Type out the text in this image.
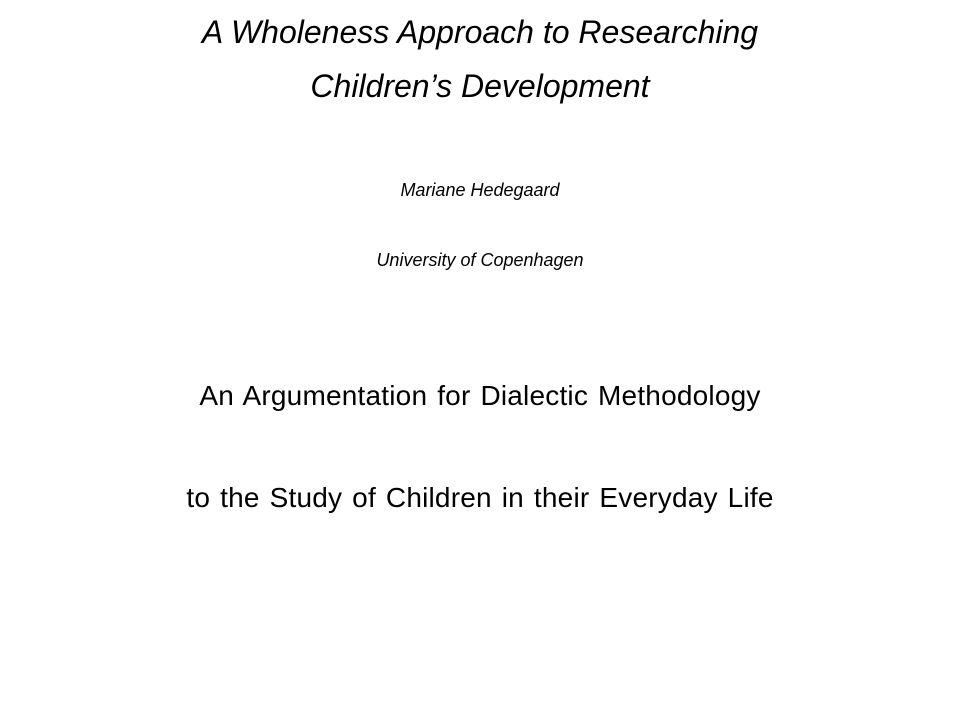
A Wholeness Approach to Researching
Children’s Development

Mariane Hedegaard

University of Copenhagen

An Argumentation for Dialectic Methodology

to the Study of Children in their Everyday Life
